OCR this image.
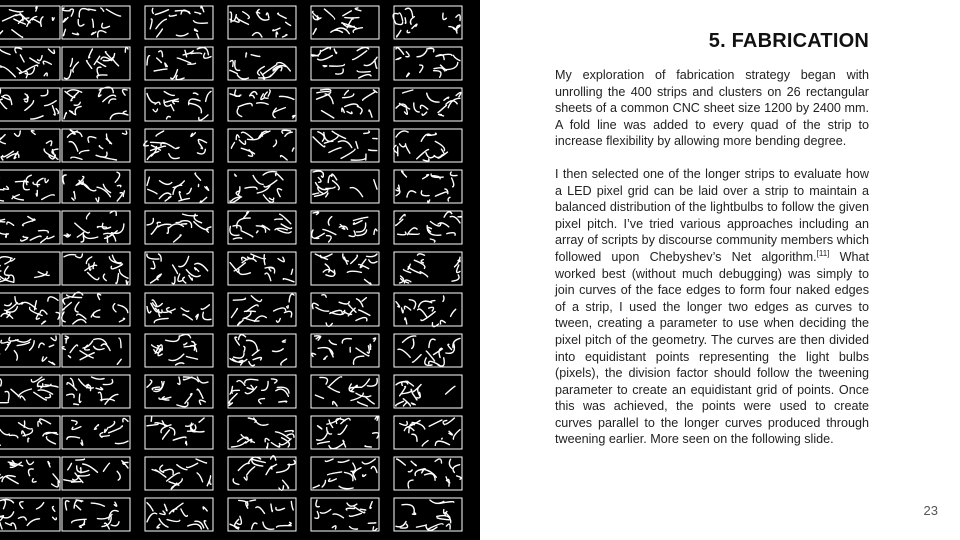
5. FABRICATION

My exploration of fabrication strategy began with unrolling the 400 strips and clusters on 26 rectangular sheets of a common CNC sheet size 1200 by 2400 mm. A fold line was added to every quad of the strip to increase flexibility by allowing more bending degree.

I then selected one of the longer strips to evaluate how a LED pixel grid can be laid over a strip to maintain a balanced distribution of the lightbulbs to follow the given pixel pitch. I’ve tried various approaches including an array of scripts by discourse community members which followed upon Chebyshev’s Net algorithm.[11] What worked best (without much debugging) was simply to join curves of the face edges to form four naked edges of a strip, I used the longer two edges as curves to tween, creating a parameter to use when deciding the pixel pitch of the geometry. The curves are then divided into equidistant points representing the light bulbs (pixels), the division factor should follow the tweening parameter to create an equidistant grid of points. Once this was achieved, the points were used to create curves parallel to the longer curves produced through tweening earlier. More seen on the following slide.

23
